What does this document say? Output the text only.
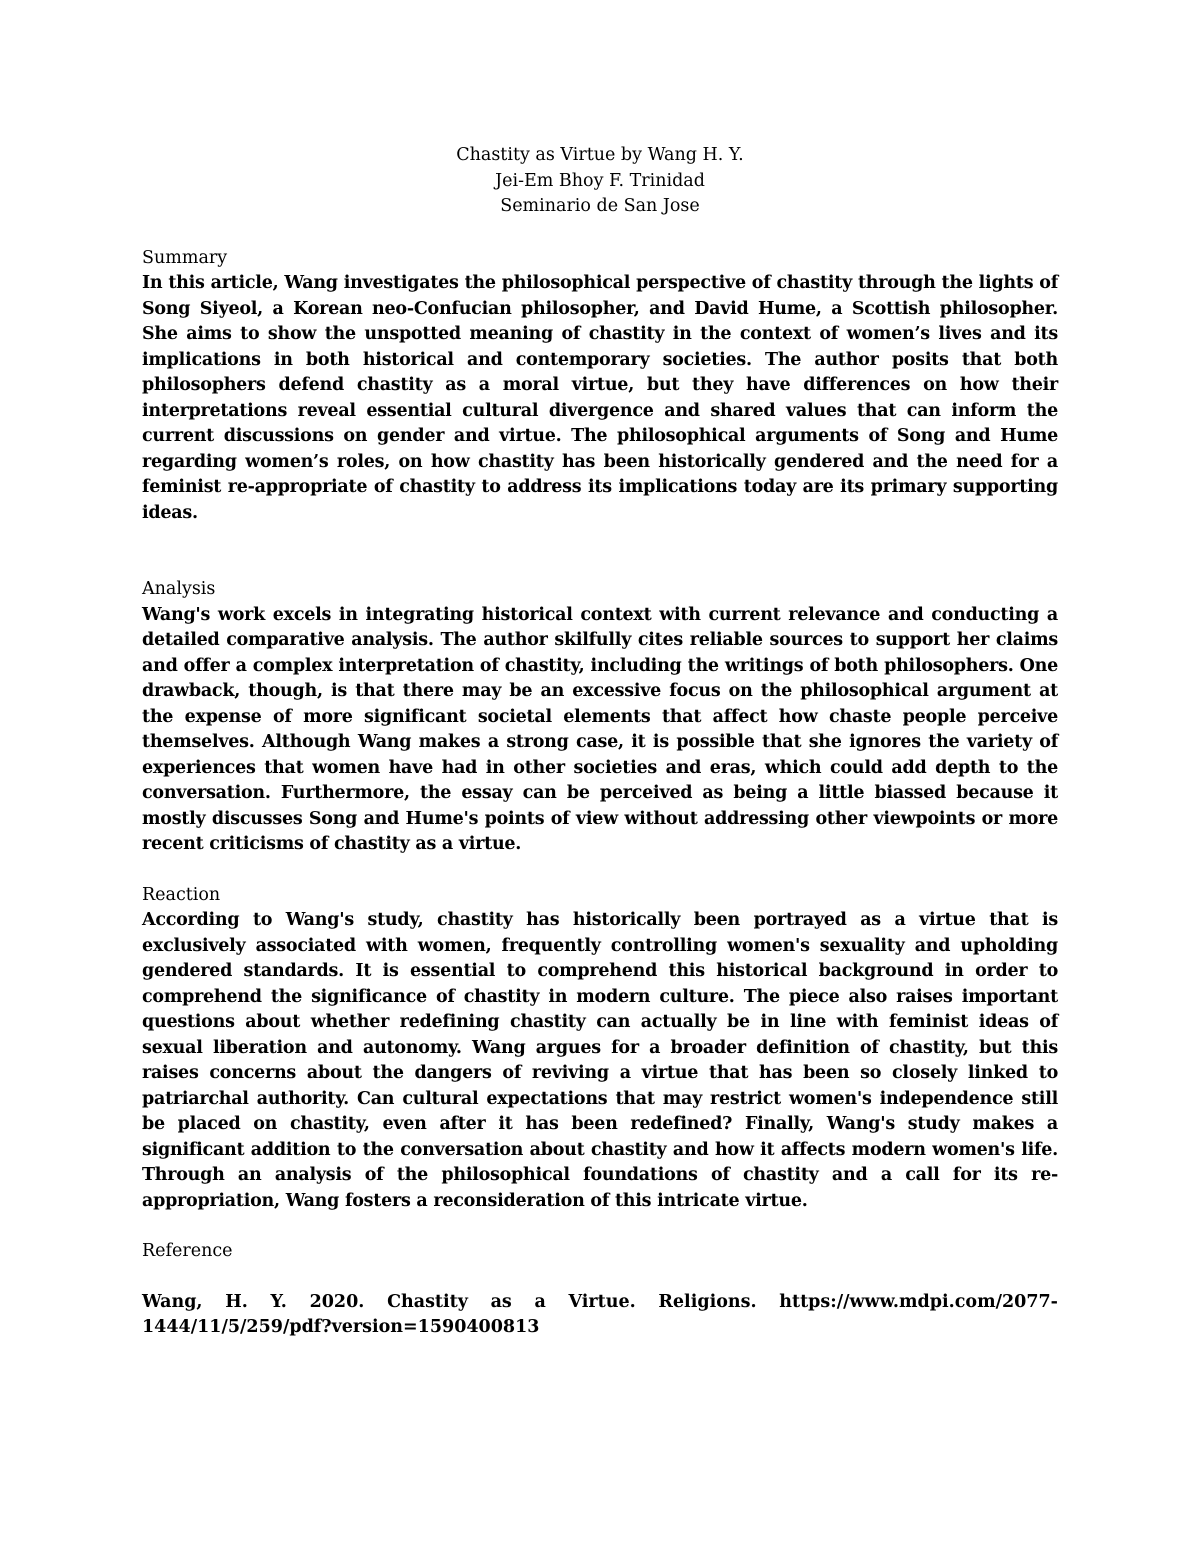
Chastity as Virtue by Wang H. Y.
Jei-Em Bhoy F. Trinidad
Seminario de San Jose
Summary

In this article, Wang investigates the philosophical perspective of chastity through the lights of Song Siyeol, a Korean neo-Confucian philosopher, and David Hume, a Scottish philosopher. She aims to show the unspotted meaning of chastity in the context of women’s lives and its implications in both historical and contemporary societies. The author posits that both philosophers defend chastity as a moral virtue, but they have differences on how their interpretations reveal essential cultural divergence and shared values that can inform the current discussions on gender and virtue. The philosophical arguments of Song and Hume regarding women’s roles, on how chastity has been historically gendered and the need for a feminist re-appropriate of chastity to address its implications today are its primary supporting ideas.

Analysis

Wang's work excels in integrating historical context with current relevance and conducting a detailed comparative analysis. The author skilfully cites reliable sources to support her claims and offer a complex interpretation of chastity, including the writings of both philosophers. One drawback, though, is that there may be an excessive focus on the philosophical argument at the expense of more significant societal elements that affect how chaste people perceive themselves. Although Wang makes a strong case, it is possible that she ignores the variety of experiences that women have had in other societies and eras, which could add depth to the conversation. Furthermore, the essay can be perceived as being a little biassed because it mostly discusses Song and Hume's points of view without addressing other viewpoints or more recent criticisms of chastity as a virtue.

Reaction

According to Wang's study, chastity has historically been portrayed as a virtue that is exclusively associated with women, frequently controlling women's sexuality and upholding gendered standards. It is essential to comprehend this historical background in order to comprehend the significance of chastity in modern culture. The piece also raises important questions about whether redefining chastity can actually be in line with feminist ideas of sexual liberation and autonomy. Wang argues for a broader definition of chastity, but this raises concerns about the dangers of reviving a virtue that has been so closely linked to patriarchal authority. Can cultural expectations that may restrict women's independence still be placed on chastity, even after it has been redefined? Finally, Wang's study makes a significant addition to the conversation about chastity and how it affects modern women's life. Through an analysis of the philosophical foundations of chastity and a call for its re-appropriation, Wang fosters a reconsideration of this intricate virtue.

Reference
Wang, H. Y. 2020. Chastity as a Virtue. Religions. https://www.mdpi.com/2077-
1444/11/5/259/pdf?version=1590400813
